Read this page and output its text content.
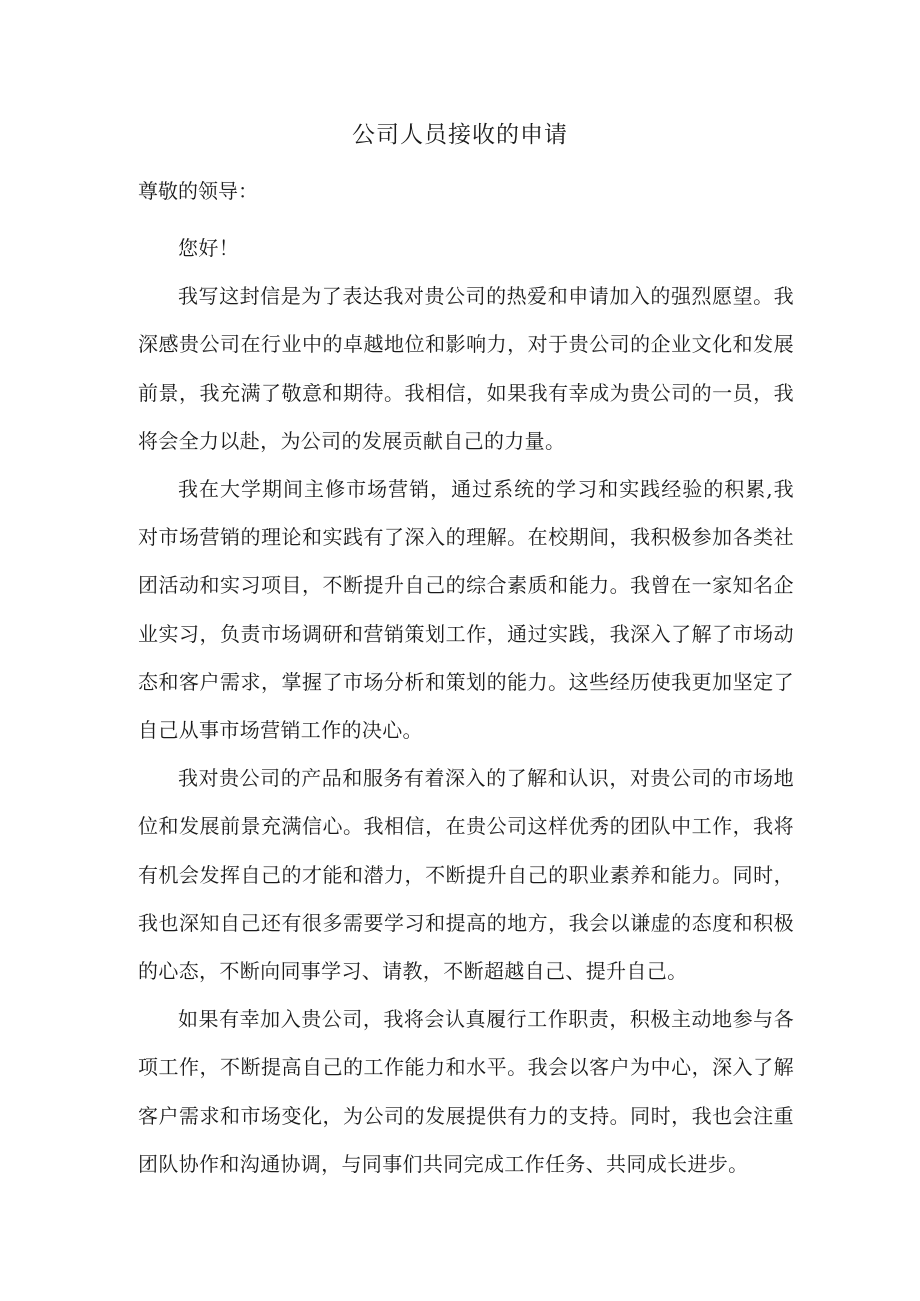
公司人员接收的申请
尊敬的领导：

您好！

我写这封信是为了表达我对贵公司的热爱和申请加入的强烈愿望。我深感贵公司在行业中的卓越地位和影响力，对于贵公司的企业文化和发展前景，我充满了敬意和期待。我相信，如果我有幸成为贵公司的一员，我将会全力以赴，为公司的发展贡献自己的力量。

我在大学期间主修市场营销，通过系统的学习和实践经验的积累,我对市场营销的理论和实践有了深入的理解。在校期间，我积极参加各类社团活动和实习项目，不断提升自己的综合素质和能力。我曾在一家知名企业实习，负责市场调研和营销策划工作，通过实践，我深入了解了市场动态和客户需求，掌握了市场分析和策划的能力。这些经历使我更加坚定了自己从事市场营销工作的决心。

我对贵公司的产品和服务有着深入的了解和认识，对贵公司的市场地位和发展前景充满信心。我相信，在贵公司这样优秀的团队中工作，我将有机会发挥自己的才能和潜力，不断提升自己的职业素养和能力。同时，我也深知自己还有很多需要学习和提高的地方，我会以谦虚的态度和积极的心态，不断向同事学习、请教，不断超越自己、提升自己。

如果有幸加入贵公司，我将会认真履行工作职责，积极主动地参与各项工作，不断提高自己的工作能力和水平。我会以客户为中心，深入了解客户需求和市场变化，为公司的发展提供有力的支持。同时，我也会注重团队协作和沟通协调，与同事们共同完成工作任务、共同成长进步。
